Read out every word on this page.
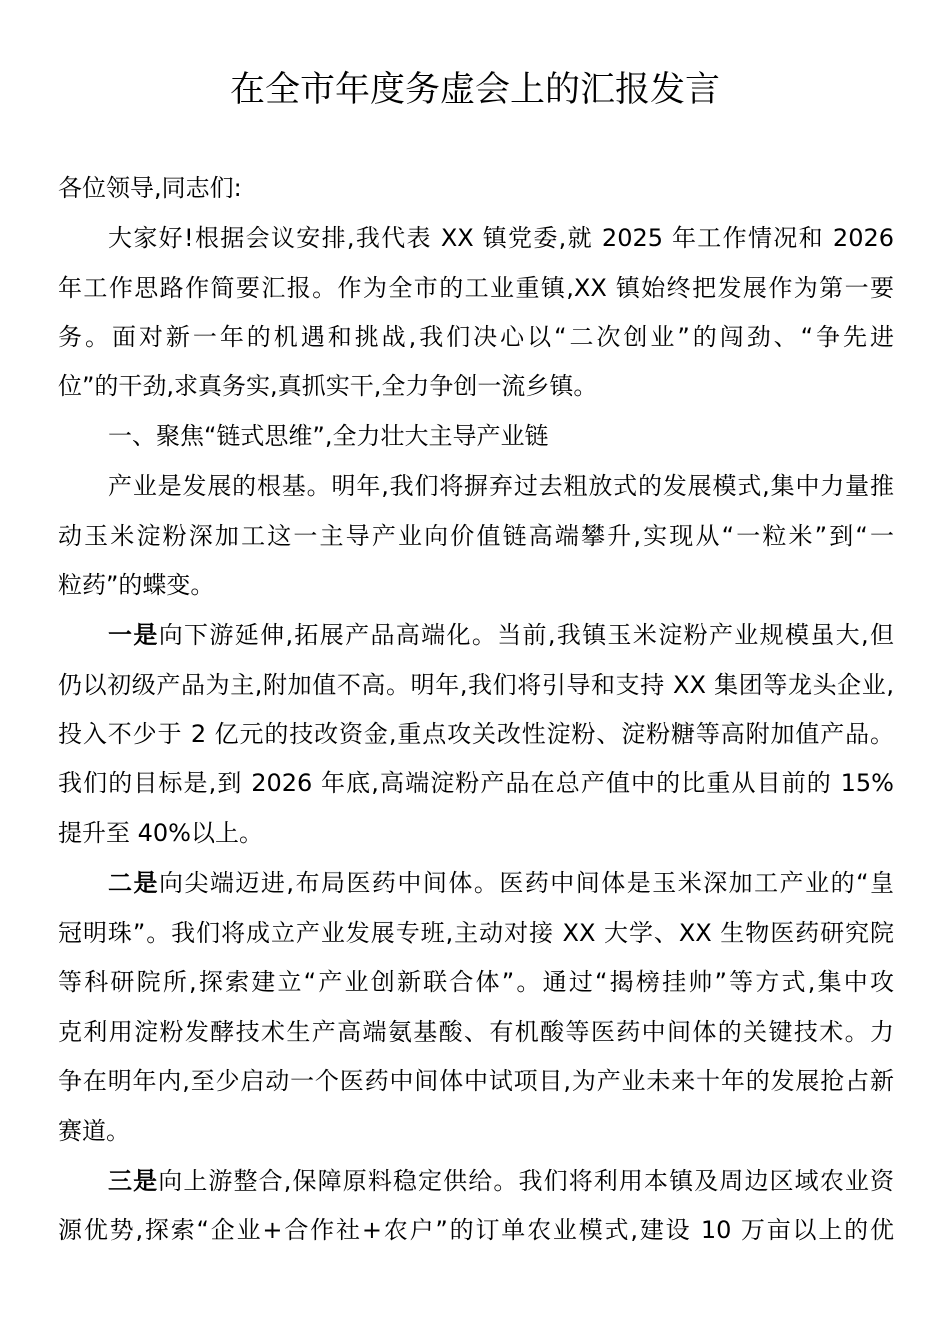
在全市年度务虚会上的汇报发言
各位领导,同志们:
大家好!根据会议安排,我代表 XX 镇党委,就 2025 年工作情况和 2026
年工作思路作简要汇报。作为全市的工业重镇,XX 镇始终把发展作为第一要
务。面对新一年的机遇和挑战,我们决心以“二次创业”的闯劲、“争先进
位”的干劲,求真务实,真抓实干,全力争创一流乡镇。
一、聚焦“链式思维”,全力壮大主导产业链
产业是发展的根基。明年,我们将摒弃过去粗放式的发展模式,集中力量推
动玉米淀粉深加工这一主导产业向价值链高端攀升,实现从“一粒米”到“一
粒药”的蝶变。
一是向下游延伸,拓展产品高端化。当前,我镇玉米淀粉产业规模虽大,但
仍以初级产品为主,附加值不高。明年,我们将引导和支持 XX 集团等龙头企业,
投入不少于 2 亿元的技改资金,重点攻关改性淀粉、淀粉糖等高附加值产品。
我们的目标是,到 2026 年底,高端淀粉产品在总产值中的比重从目前的 15%
提升至 40%以上。
二是向尖端迈进,布局医药中间体。医药中间体是玉米深加工产业的“皇
冠明珠”。我们将成立产业发展专班,主动对接 XX 大学、XX 生物医药研究院
等科研院所,探索建立“产业创新联合体”。通过“揭榜挂帅”等方式,集中攻
克利用淀粉发酵技术生产高端氨基酸、有机酸等医药中间体的关键技术。力
争在明年内,至少启动一个医药中间体中试项目,为产业未来十年的发展抢占新
赛道。
三是向上游整合,保障原料稳定供给。我们将利用本镇及周边区域农业资
源优势,探索“企业+合作社+农户”的订单农业模式,建设 10 万亩以上的优
